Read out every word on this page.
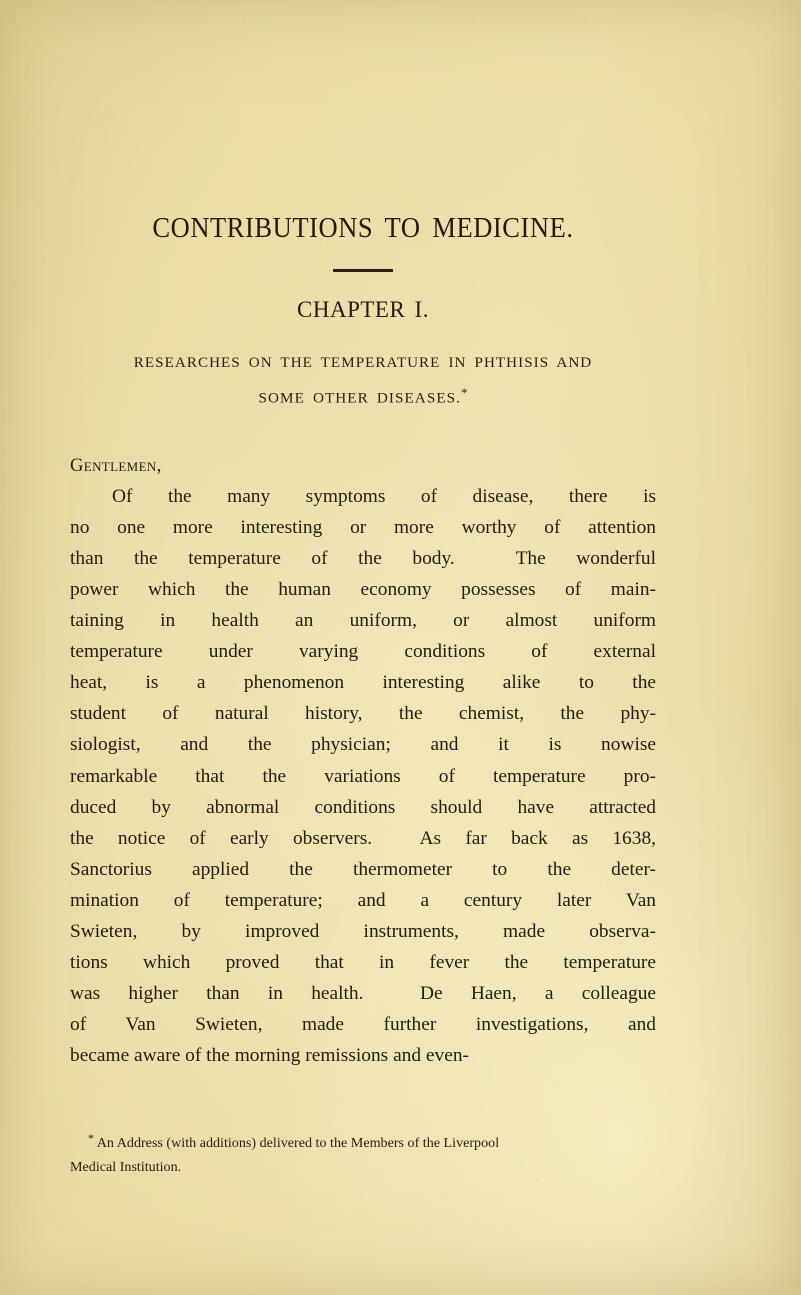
CONTRIBUTIONS TO MEDICINE.
CHAPTER I.
RESEARCHES ON THE TEMPERATURE IN PHTHISIS AND
SOME OTHER DISEASES.*

Gentlemen,

Of the many symptoms of disease, there is
no one more interesting or more worthy of attention
than the temperature of the body.  The wonderful
power which the human economy possesses of main-
taining in health an uniform, or almost uniform
temperature under varying conditions of external
heat, is a phenomenon interesting alike to the
student of natural history, the chemist, the phy-
siologist, and the physician; and it is nowise
remarkable that the variations of temperature pro-
duced by abnormal conditions should have attracted
the notice of early observers.  As far back as 1638,
Sanctorius applied the thermometer to the deter-
mination of temperature; and a century later Van
Swieten, by improved instruments, made observa-
tions which proved that in fever the temperature
was higher than in health.  De Haen, a colleague
of Van Swieten, made further investigations, and
became aware of the morning remissions and even-
* An Address (with additions) delivered to the Members of the Liverpool
Medical Institution.
